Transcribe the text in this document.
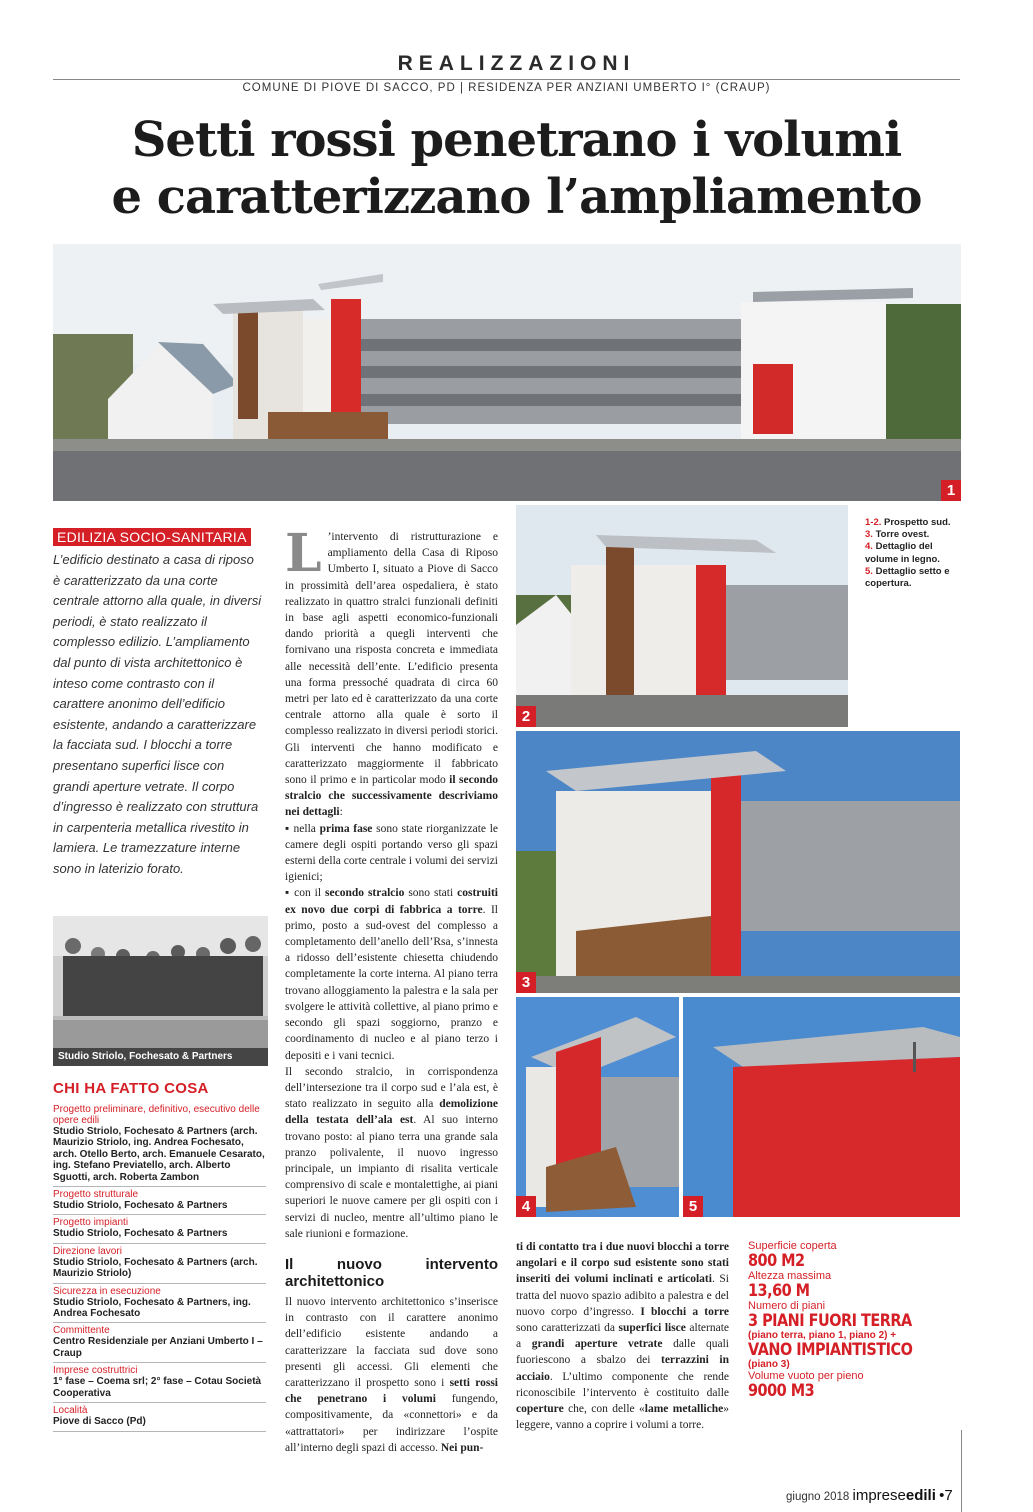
REALIZZAZIONI
COMUNE DI PIOVE DI SACCO, PD | RESIDENZA PER ANZIANI UMBERTO I° (CRAUP)
Setti rossi penetrano i volumi
e caratterizzano l’ampliamento
1
2
1-2. Prospetto sud.
3. Torre ovest.
4. Dettaglio del volume in legno.
5. Dettaglio setto e copertura.
3
4	5
EDILIZIA SOCIO-SANITARIA
L’edificio destinato a casa di riposo è caratterizzato da una corte centrale attorno alla quale, in diversi periodi, è stato realizzato il complesso edilizio. L’ampliamento dal punto di vista architettonico è inteso come contrasto con il carattere anonimo dell’edificio esistente, andando a caratterizzare la facciata sud. I blocchi a torre presentano superfici lisce con grandi aperture vetrate. Il corpo d’ingresso è realizzato con struttura in carpenteria metallica rivestito in lamiera. Le tramezzature interne sono in laterizio forato.
Studio Striolo, Fochesato & Partners
CHI HA FATTO COSA
Progetto preliminare, definitivo, esecutivo delle opere edili
Studio Striolo, Fochesato & Partners (arch. Maurizio Striolo, ing. Andrea Fochesato, arch. Otello Berto, arch. Emanuele Cesarato, ing. Stefano Previatello, arch. Alberto Sguotti, arch. Roberta Zambon
Progetto strutturale
Studio Striolo, Fochesato & Partners
Progetto impianti
Studio Striolo, Fochesato & Partners
Direzione lavori
Studio Striolo, Fochesato & Partners (arch. Maurizio Striolo)
Sicurezza in esecuzione
Studio Striolo, Fochesato & Partners, ing. Andrea Fochesato
Committente
Centro Residenziale per Anziani Umberto I – Craup
Imprese costruttrici
1° fase – Coema srl; 2° fase – Cotau Società Cooperativa
Località
Piove di Sacco (Pd)
L ’intervento di ristrutturazione e ampliamento della Casa di Riposo Umberto I, situato a Piove di Sacco in prossimità dell’area ospedaliera, è stato realizzato in quattro stralci funzionali definiti in base agli aspetti economico-funzionali dando priorità a quegli interventi che fornivano una risposta concreta e immediata alle necessità dell’ente. L’edificio presenta una forma pressoché quadrata di circa 60 metri per lato ed è caratterizzato da una corte centrale attorno alla quale è sorto il complesso realizzato in diversi periodi storici. Gli interventi che hanno modificato e caratterizzato maggiormente il fabbricato sono il primo e in particolar modo il secondo stralcio che successivamente descriviamo nei dettagli:

▪ nella prima fase sono state riorganizzate le camere degli ospiti portando verso gli spazi esterni della corte centrale i volumi dei servizi igienici;

▪ con il secondo stralcio sono stati costruiti ex novo due corpi di fabbrica a torre. Il primo, posto a sud-ovest del complesso a completamento dell’anello dell’Rsa, s’innesta a ridosso dell’esistente chiesetta chiudendo completamente la corte interna. Al piano terra trovano alloggiamento la palestra e la sala per svolgere le attività collettive, al piano primo e secondo gli spazi soggiorno, pranzo e coordinamento di nucleo e al piano terzo i depositi e i vani tecnici.

Il secondo stralcio, in corrispondenza dell’intersezione tra il corpo sud e l’ala est, è stato realizzato in seguito alla demolizione della testata dell’ala est. Al suo interno trovano posto: al piano terra una grande sala pranzo polivalente, il nuovo ingresso principale, un impianto di risalita verticale comprensivo di scale e montalettighe, ai piani superiori le nuove camere per gli ospiti con i servizi di nucleo, mentre all’ultimo piano le sale riunioni e formazione.

Il nuovo intervento architettonico

Il nuovo intervento architettonico s’inserisce in contrasto con il carattere anonimo dell’edificio esistente andando a caratterizzare la facciata sud dove sono presenti gli accessi. Gli elementi che caratterizzano il prospetto sono i setti rossi che penetrano i volumi fungendo, compositivamente, da «connettori» e da «attrattatori» per indirizzare l’ospite all’interno degli spazi di accesso. Nei pun-

ti di contatto tra i due nuovi blocchi a torre angolari e il corpo sud esistente sono stati inseriti dei volumi inclinati e articolati. Si tratta del nuovo spazio adibito a palestra e del nuovo corpo d’ingresso. I blocchi a torre sono caratterizzati da superfici lisce alternate a grandi aperture vetrate dalle quali fuoriescono a sbalzo dei terrazzini in acciaio. L’ultimo componente che rende riconoscibile l’intervento è costituito dalle coperture che, con delle «lame metalliche» leggere, vanno a coprire i volumi a torre.

Superficie coperta
800 M2
Altezza massima
13,60 M
Numero di piani
3 PIANI FUORI TERRA
(piano terra, piano 1, piano 2) +
VANO IMPIANTISTICO
(piano 3)
Volume vuoto per pieno
9000 M3
giugno 2018 impreseedili •7
